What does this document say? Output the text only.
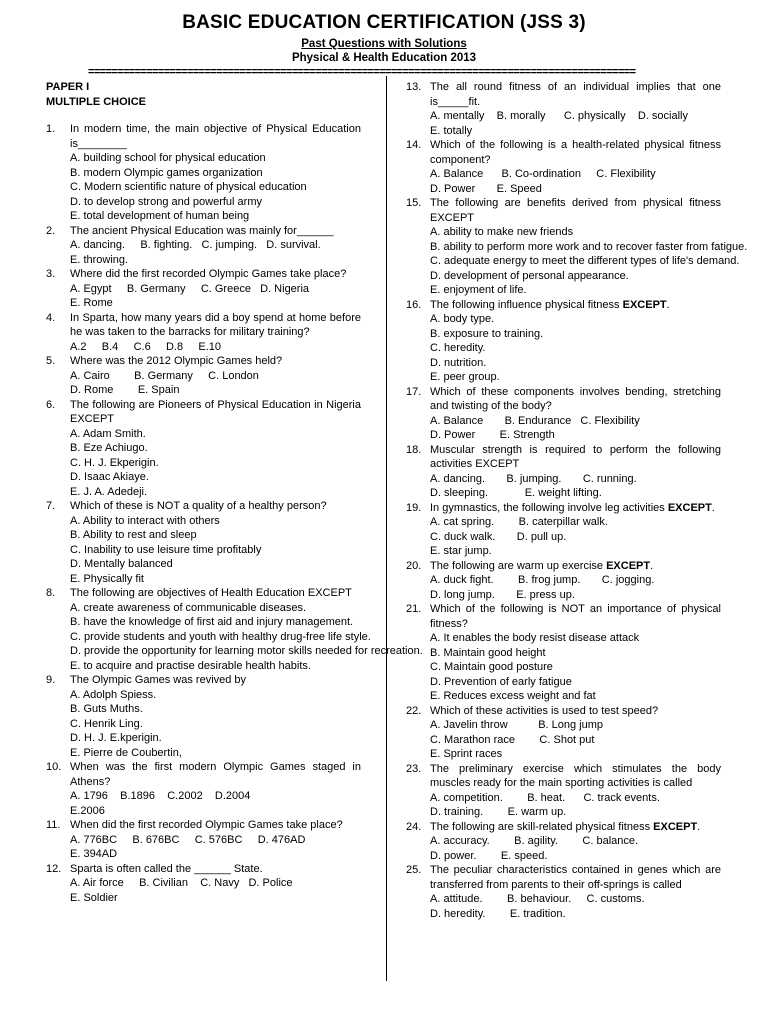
BASIC EDUCATION CERTIFICATION (JSS 3)
Past Questions with Solutions
Physical & Health Education 2013
==============================================================================================
PAPER I
MULTIPLE CHOICE
1. In modern time, the main objective of Physical Education is________
A. building school for physical education
B. modern Olympic games organization
C. Modern scientific nature of physical education
D. to develop strong and powerful army
E. total development of human being
2. The ancient Physical Education was mainly for______
A. dancing.     B. fighting.   C. jumping.   D. survival.
E. throwing.
3. Where did the first recorded Olympic Games take place?
A. Egypt     B. Germany     C. Greece   D. Nigeria
E. Rome
4. In Sparta, how many years did a boy spend at home before he was taken to the barracks for military training?
A.2     B.4     C.6     D.8     E.10
5. Where was the 2012 Olympic Games held?
A. Cairo        B. Germany     C. London
D. Rome        E. Spain
6. The following are Pioneers of Physical Education in Nigeria EXCEPT
A. Adam Smith.
B. Eze Achiugo.
C. H. J. Ekperigin.
D. Isaac Akiaye.
E. J. A. Adedeji.
7. Which of these is NOT a quality of a healthy person?
A. Ability to interact with others
B. Ability to rest and sleep
C. Inability to use leisure time profitably
D. Mentally balanced
E. Physically fit
8. The following are objectives of Health Education EXCEPT
A. create awareness of communicable diseases.
B. have the knowledge of first aid and injury management.
C. provide students and youth with healthy drug-free life style.
D. provide the opportunity for learning motor skills needed for recreation.
E. to acquire and practise desirable health habits.
9. The Olympic Games was revived by
A. Adolph Spiess.
B. Guts Muths.
C. Henrik Ling.
D. H. J. E.kperigin.
E. Pierre de Coubertin,
10. When was the first modern Olympic Games staged in Athens?
A. 1796    B.1896    C.2002    D.2004
E.2006
11. When did the first recorded Olympic Games take place?
A. 776BC     B. 676BC     C. 576BC     D. 476AD
E. 394AD
12. Sparta is often called the ______ State.
A. Air force     B. Civilian    C. Navy   D. Police
E. Soldier
13. The all round fitness of an individual implies that one is_____fit.
A. mentally    B. morally      C. physically    D. socially
E. totally
14. Which of the following is a health-related physical fitness component?
A. Balance      B. Co-ordination     C. Flexibility
D. Power       E. Speed
15. The following are benefits derived from physical fitness EXCEPT
A. ability to make new friends
B. ability to perform more work and to recover faster from fatigue.
C. adequate energy to meet the different types of life's demand.
D. development of personal appearance.
E. enjoyment of life.
16. The following influence physical fitness EXCEPT.
A. body type.
B. exposure to training.
C. heredity.
D. nutrition.
E. peer group.
17. Which of these components involves bending, stretching and twisting of the body?
A. Balance       B. Endurance   C. Flexibility
D. Power        E. Strength
18. Muscular strength is required to perform the following activities EXCEPT
A. dancing.       B. jumping.       C. running.
D. sleeping.            E. weight lifting.
19. In gymnastics, the following involve leg activities EXCEPT.
A. cat spring.        B. caterpillar walk.
C. duck walk.       D. pull up.
E. star jump.
20. The following are warm up exercise EXCEPT.
A. duck fight.        B. frog jump.       C. jogging.
D. long jump.       E. press up.
21. Which of the following is NOT an importance of physical fitness?
A. It enables the body resist disease attack
B. Maintain good height
C. Maintain good posture
D. Prevention of early fatigue
E. Reduces excess weight and fat
22. Which of these activities is used to test speed?
A. Javelin throw          B. Long jump
C. Marathon race        C. Shot put
E. Sprint races
23. The preliminary exercise which stimulates the body muscles ready for the main sporting activities is called
A. competition.        B. heat.      C. track events.
D. training.        E. warm up.
24. The following are skill-related physical fitness EXCEPT.
A. accuracy.        B. agility.        C. balance.
D. power.        E. speed.
25. The peculiar characteristics contained in genes which are transferred from parents to their off-springs is called
A. attitude.        B. behaviour.     C. customs.
D. heredity.        E. tradition.
